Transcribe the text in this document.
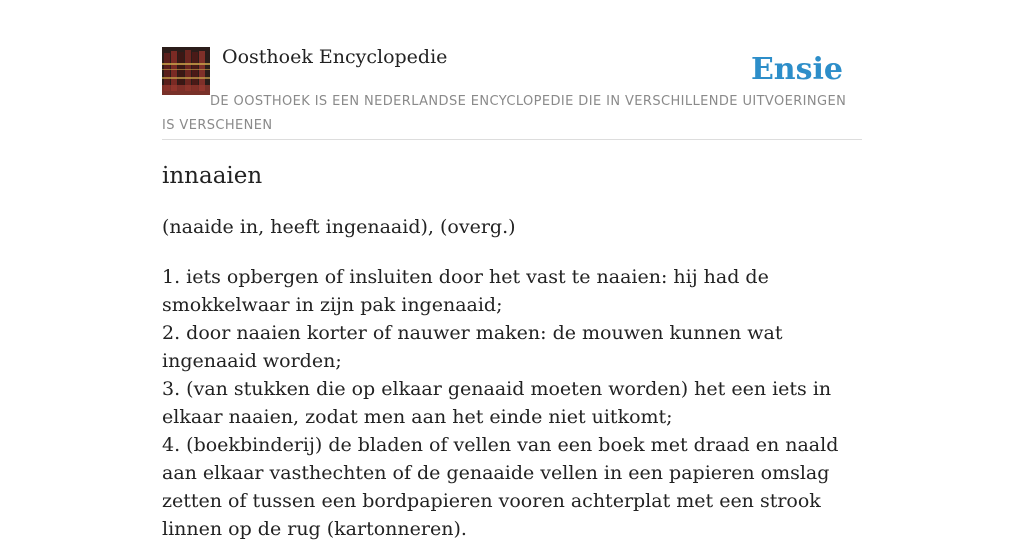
Oosthoek Encyclopedie	Ensie
DE OOSTHOEK IS EEN NEDERLANDSE ENCYCLOPEDIE DIE IN VERSCHILLENDE UITVOERINGEN IS VERSCHENEN
innaaien
(naaide in, heeft ingenaaid), (overg.)
1. iets opbergen of insluiten door het vast te naaien: hij had de smokkelwaar in zijn pak ingenaaid;
2. door naaien korter of nauwer maken: de mouwen kunnen wat ingenaaid worden;
3. (van stukken die op elkaar genaaid moeten worden) het een iets in elkaar naaien, zodat men aan het einde niet uitkomt;
4. (boekbinderij) de bladen of vellen van een boek met draad en naald aan elkaar vasthechten of de genaaide vellen in een papieren omslag zetten of tussen een bordpapieren vooren achterplat met een strook linnen op de rug (kartonneren).
